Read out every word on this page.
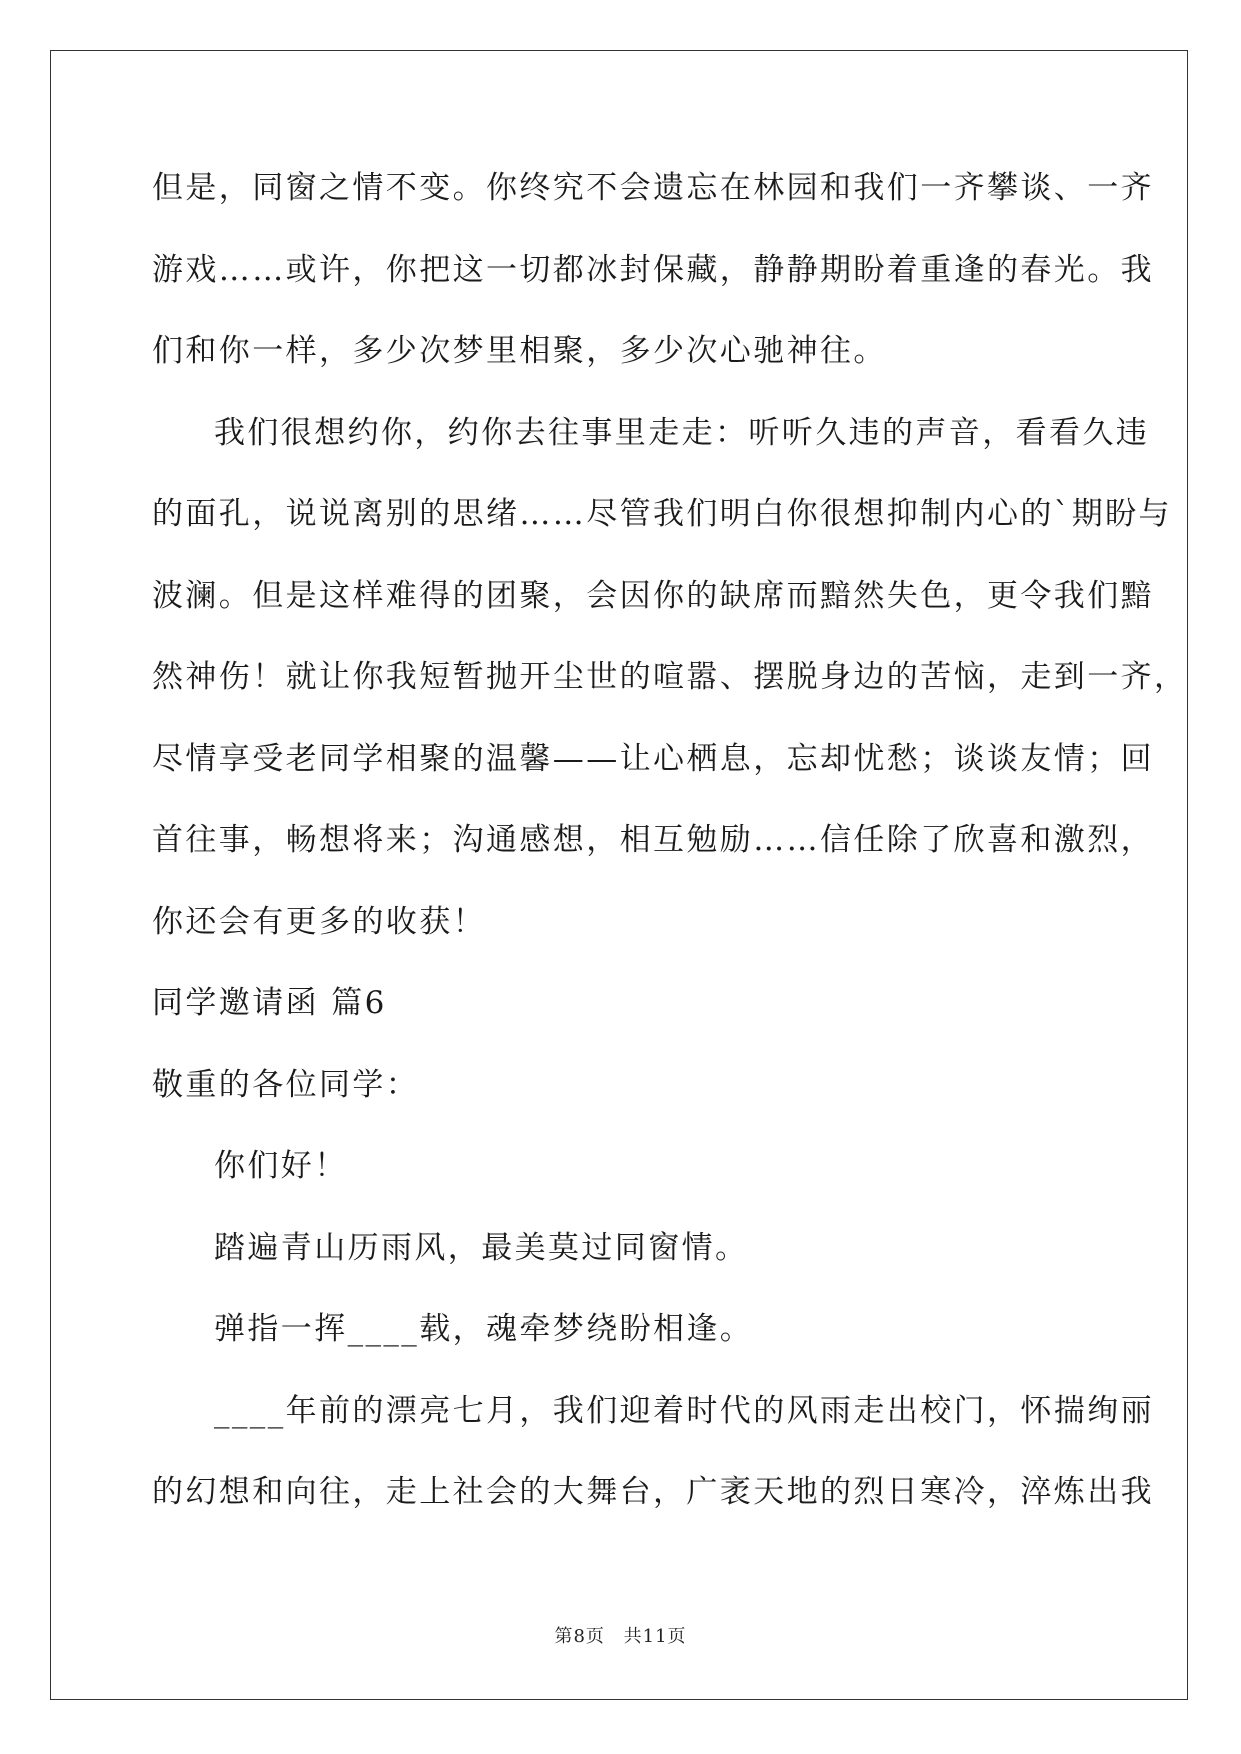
但是，同窗之情不变。你终究不会遗忘在林园和我们一齐攀谈、一齐
游戏……或许，你把这一切都冰封保藏，静静期盼着重逢的春光。我
们和你一样，多少次梦里相聚，多少次心驰神往。
我们很想约你，约你去往事里走走：听听久违的声音，看看久违
的面孔，说说离别的思绪……尽管我们明白你很想抑制内心的`期盼与
波澜。但是这样难得的团聚，会因你的缺席而黯然失色，更令我们黯
然神伤！就让你我短暂抛开尘世的喧嚣、摆脱身边的苦恼，走到一齐，
尽情享受老同学相聚的温馨——让心栖息，忘却忧愁；谈谈友情；回
首往事，畅想将来；沟通感想，相互勉励……信任除了欣喜和激烈，
你还会有更多的收获！
同学邀请函 篇6
敬重的各位同学：
你们好！
踏遍青山历雨风，最美莫过同窗情。
弹指一挥____载，魂牵梦绕盼相逢。
____年前的漂亮七月，我们迎着时代的风雨走出校门，怀揣绚丽
的幻想和向往，走上社会的大舞台，广袤天地的烈日寒冷，淬炼出我
第8页 共11页
